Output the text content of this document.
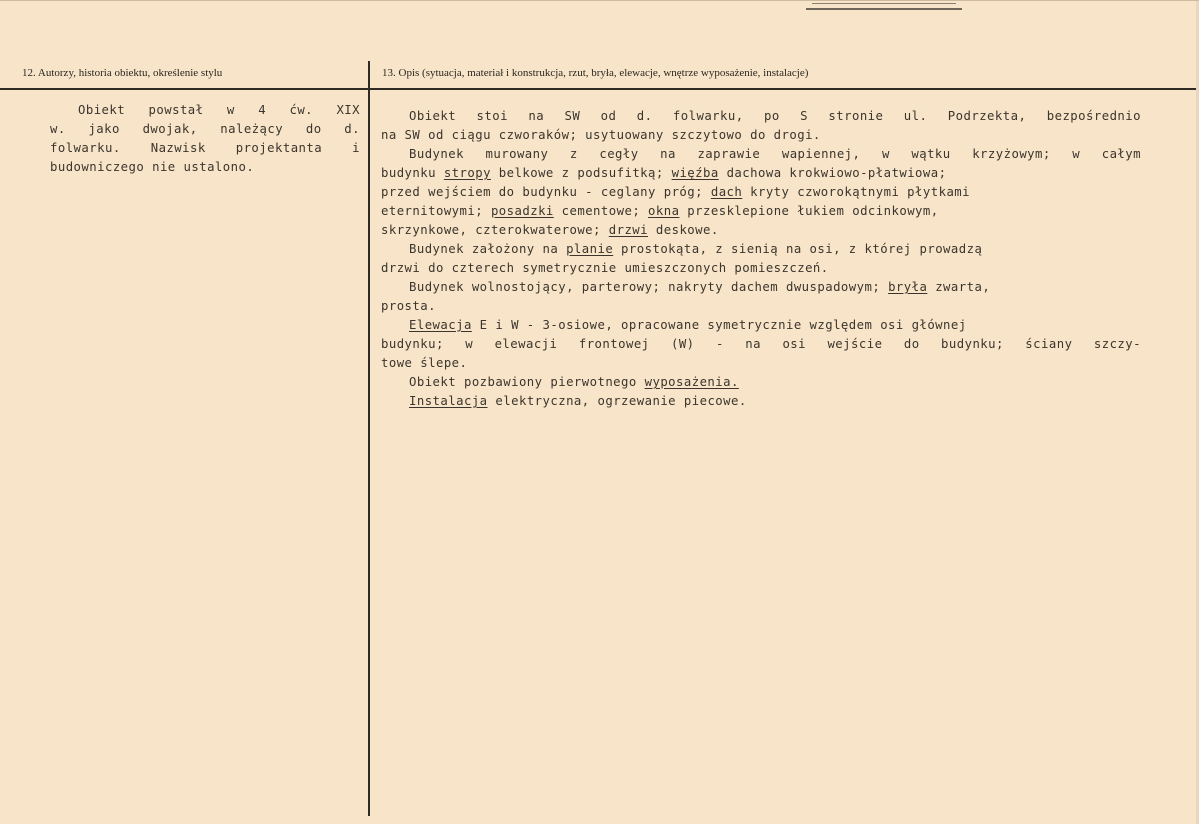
12. Autorzy, historia obiektu, określenie stylu	13. Opis (sytuacja, materiał i konstrukcja, rzut, bryła, elewacje, wnętrze wyposażenie, instalacje)
Obiekt powstał w 4 ćw. XIX
w. jako dwojak, należący do d.
folwarku. Nazwisk projektanta i
budowniczego nie ustalono.
Obiekt stoi na SW od d. folwarku, po S stronie ul. Podrzekta, bezpośrednio
na SW od ciągu czworaków; usytuowany szczytowo do drogi.
Budynek murowany z cegły na zaprawie wapiennej, w wątku krzyżowym; w całym
budynku stropy belkowe z podsufitką; więźba dachowa krokwiowo-płatwiowa;
przed wejściem do budynku - ceglany próg; dach kryty czworokątnymi płytkami
eternitowymi; posadzki cementowe; okna przesklepione łukiem odcinkowym,
skrzynkowe, czterokwaterowe; drzwi deskowe.
Budynek założony na planie prostokąta, z sienią na osi, z której prowadzą
drzwi do czterech symetrycznie umieszczonych pomieszczeń.
Budynek wolnostojący, parterowy; nakryty dachem dwuspadowym; bryła zwarta,
prosta.
Elewacja E i W - 3-osiowe, opracowane symetrycznie względem osi głównej
budynku; w elewacji frontowej (W) - na osi wejście do budynku; ściany szczy-
towe ślepe.
Obiekt pozbawiony pierwotnego wyposażenia.
Instalacja elektryczna, ogrzewanie piecowe.
